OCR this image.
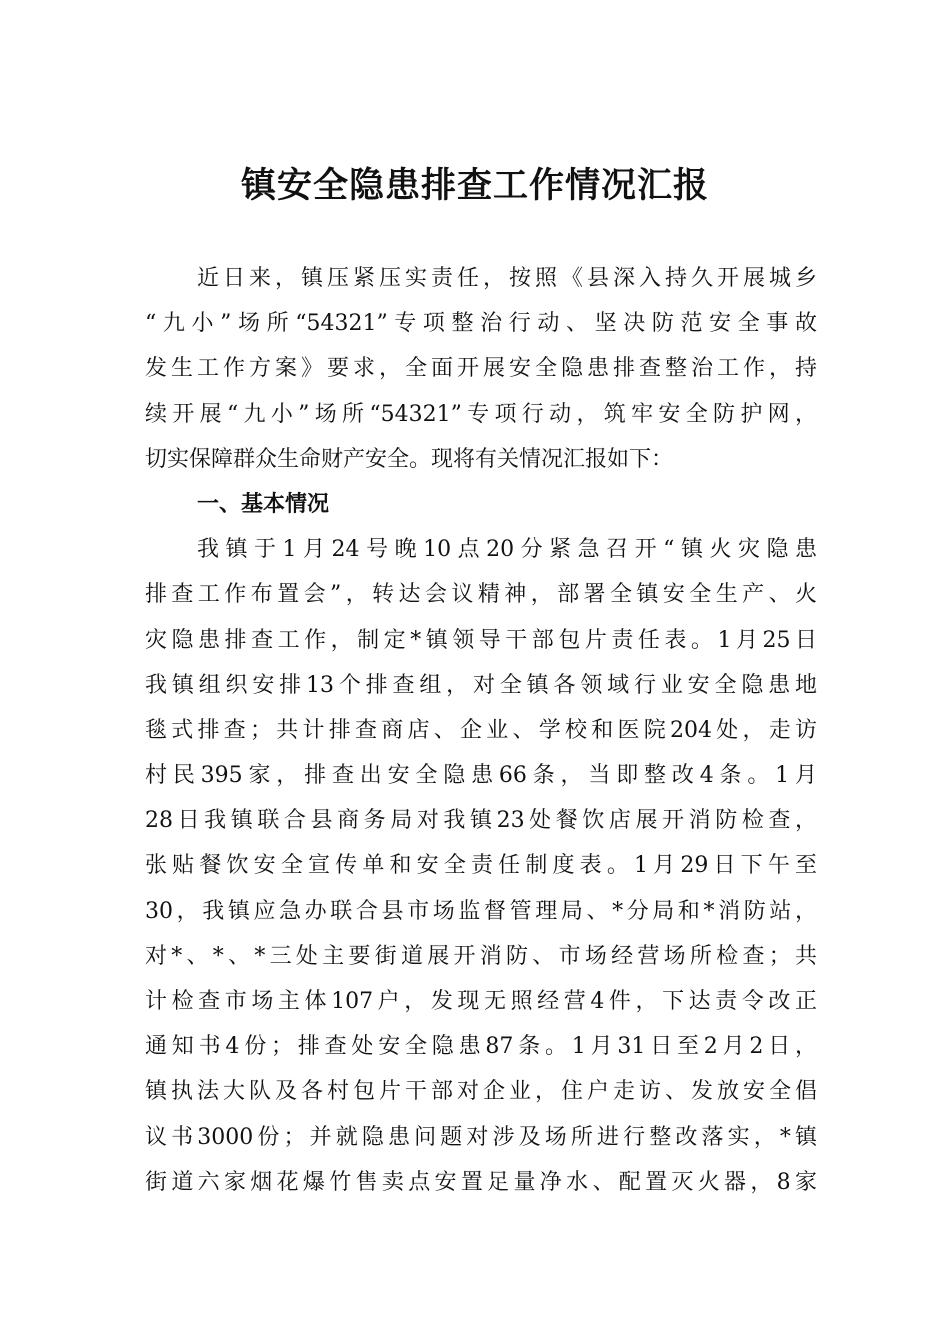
镇安全隐患排查工作情况汇报
近日来，镇压紧压实责任，按照《县深入持久开展城乡
“九小”场所“54321”专项整治行动、坚决防范安全事故
发生工作方案》要求，全面开展安全隐患排查整治工作，持
续开展“九小”场所“54321”专项行动，筑牢安全防护网，
切实保障群众生命财产安全。现将有关情况汇报如下：
一、基本情况
我镇于1月24号晚10点20分紧急召开“镇火灾隐患
排查工作布置会”，转达会议精神，部署全镇安全生产、火
灾隐患排查工作，制定*镇领导干部包片责任表。1月25日
我镇组织安排13个排查组，对全镇各领域行业安全隐患地
毯式排查；共计排查商店、企业、学校和医院204处，走访
村民395家，排查出安全隐患66条，当即整改4条。1月
28日我镇联合县商务局对我镇23处餐饮店展开消防检查，
张贴餐饮安全宣传单和安全责任制度表。1月29日下午至
30，我镇应急办联合县市场监督管理局、*分局和*消防站，
对*、*、*三处主要街道展开消防、市场经营场所检查；共
计检查市场主体107户，发现无照经营4件，下达责令改正
通知书4份；排查处安全隐患87条。1月31日至2月2日，
镇执法大队及各村包片干部对企业，住户走访、发放安全倡
议书3000份；并就隐患问题对涉及场所进行整改落实，*镇
街道六家烟花爆竹售卖点安置足量净水、配置灭火器，8家
